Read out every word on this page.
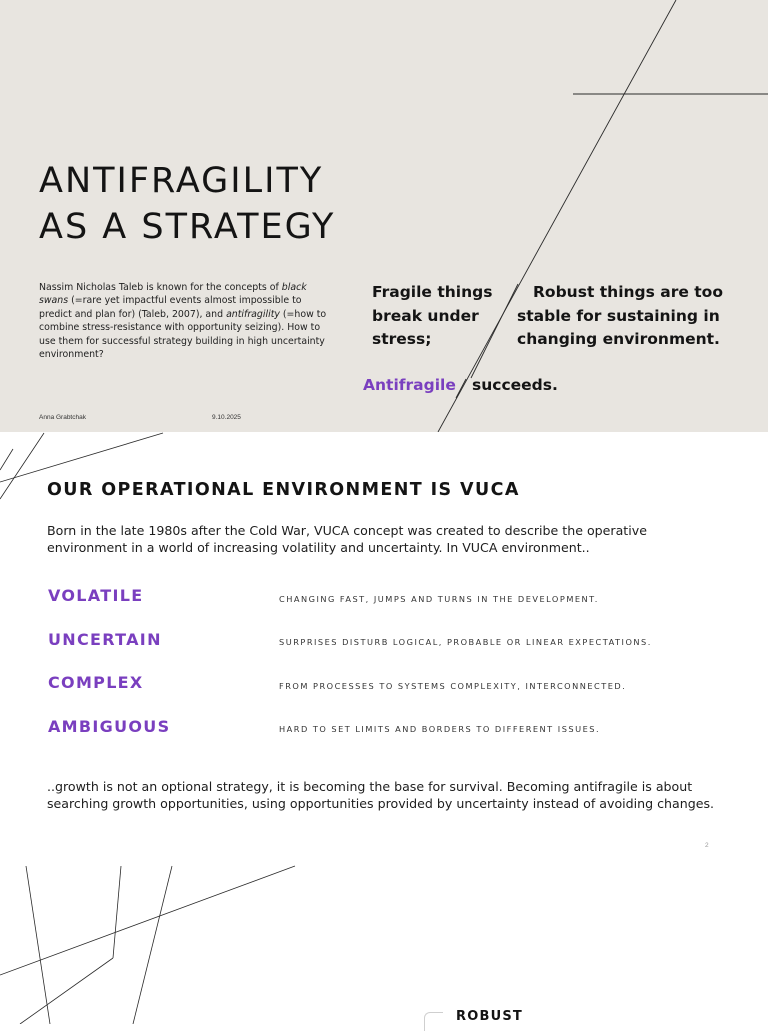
ANTIFRAGILITY
AS A STRATEGY

Nassim Nicholas Taleb is known for the concepts of black swans (=rare yet impactful events almost impossible to predict and plan for) (Taleb, 2007), and antifragility (=how to combine stress-resistance with opportunity seizing). How to use them for successful strategy building in high uncertainty environment?

Fragile things
break under
stress;
Robust things are too
stable for sustaining in
changing environment.
Antifragile succeeds.
Anna Grabtchak	9.10.2025
OUR OPERATIONAL ENVIRONMENT IS VUCA
Born in the late 1980s after the Cold War, VUCA concept was created to describe the operative environment in a world of increasing volatility and uncertainty. In VUCA environment..
VOLATILE	CHANGING FAST, JUMPS AND TURNS IN THE DEVELOPMENT.
UNCERTAIN	SURPRISES DISTURB LOGICAL, PROBABLE OR LINEAR EXPECTATIONS.
COMPLEX	FROM PROCESSES TO SYSTEMS COMPLEXITY, INTERCONNECTED.
AMBIGUOUS	HARD TO SET LIMITS AND BORDERS TO DIFFERENT ISSUES.
..growth is not an optional strategy, it is becoming the base for survival. Becoming antifragile is about searching growth opportunities, using opportunities provided by uncertainty instead of avoiding changes.
2
ROBUST
